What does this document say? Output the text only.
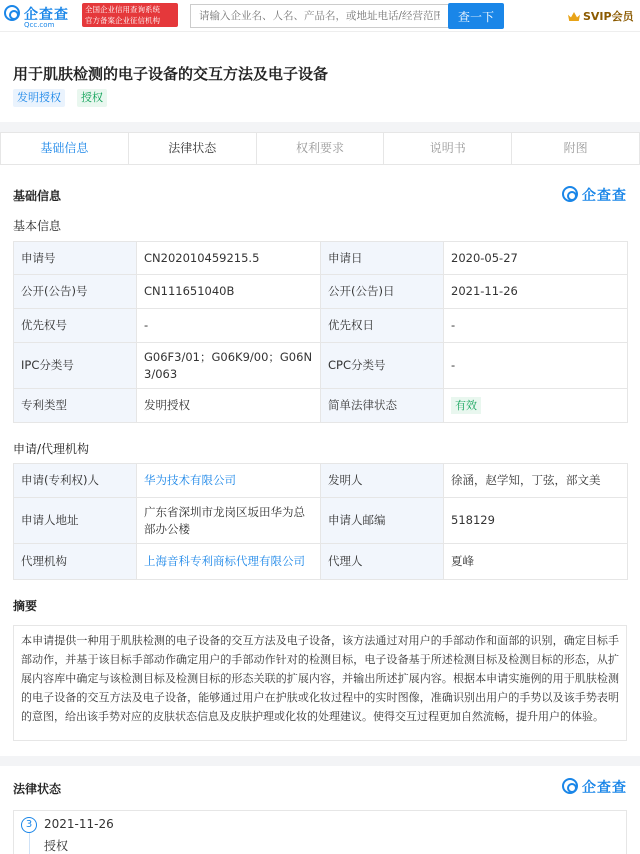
企查查
Qcc.com
全国企业信用查询系统
官方备案企业征信机构
请输入企业名、人名、产品名，或地址电话/经营范围	查一下	SVIP会员
用于肌肤检测的电子设备的交互方法及电子设备
发明授权	授权
基础信息	法律状态	权利要求	说明书	附图
基础信息	企查查
基本信息
申请号	CN202010459215.5	申请日	2020-05-27
公开(公告)号	CN111651040B	公开(公告)日	2021-11-26
优先权号	-	优先权日	-
IPC分类号	G06F3/01；G06K9/00；G06N3/063	CPC分类号	-
专利类型	发明授权	简单法律状态	有效
申请/代理机构
申请(专利权)人	华为技术有限公司	发明人	徐涵，赵学知，丁弦，部文美
申请人地址	广东省深圳市龙岗区坂田华为总部办公楼	申请人邮编	518129
代理机构	上海音科专利商标代理有限公司	代理人	夏峰
摘要
本申请提供一种用于肌肤检测的电子设备的交互方法及电子设备，该方法通过对用户的手部动作和面部的识别，确定目标手部动作，并基于该目标手部动作确定用户的手部动作针对的检测目标，电子设备基于所述检测目标及检测目标的形态，从扩展内容库中确定与该检测目标及检测目标的形态关联的扩展内容，并输出所述扩展内容。根据本申请实施例的用于肌肤检测的电子设备的交互方法及电子设备，能够通过用户在护肤或化妆过程中的实时图像，准确识别出用户的手势以及该手势表明的意图，给出该手势对应的皮肤状态信息及皮肤护理或化妆的处理建议。使得交互过程更加自然流畅，提升用户的体验。
法律状态	企查查
3 2021-11-26
授权
